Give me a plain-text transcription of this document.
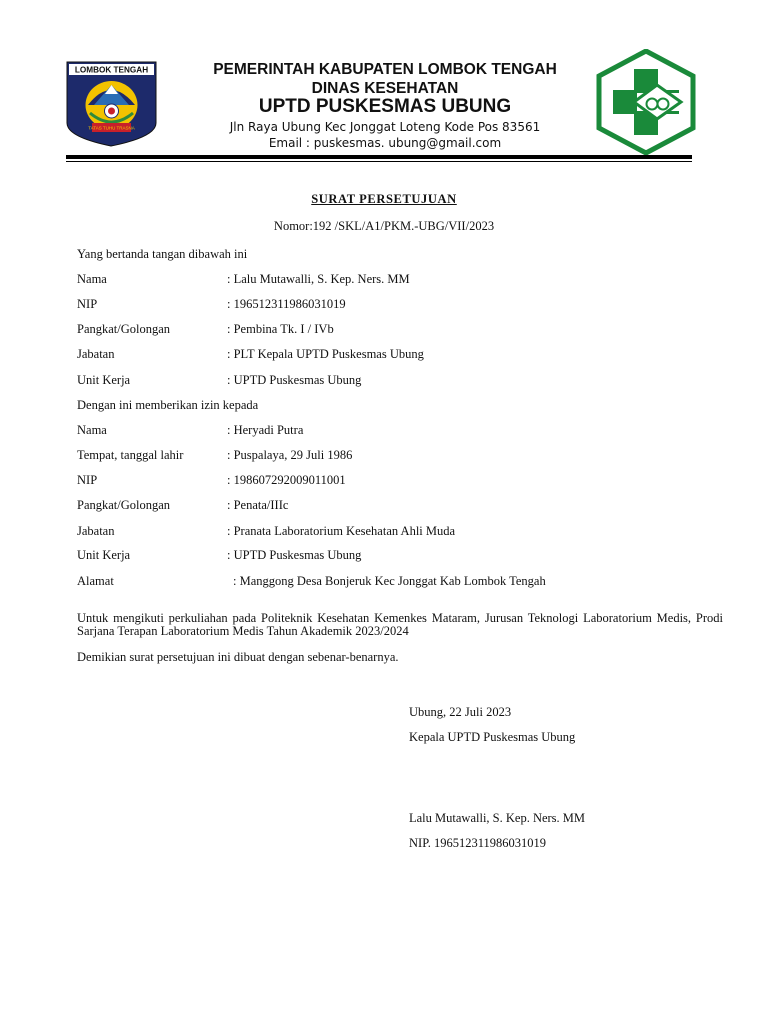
LOMBOK TENGAH
TATAS TUHU TRASNA
PEMERINTAH KABUPATEN LOMBOK TENGAH
DINAS KESEHATAN
UPTD PUSKESMAS UBUNG
Jln Raya Ubung Kec Jonggat Loteng Kode Pos 83561
Email : puskesmas. ubung@gmail.com
SURAT PERSETUJUAN
Nomor:192 /SKL/A1/PKM.-UBG/VII/2023
Yang bertanda tangan dibawah ini
Nama	: Lalu Mutawalli, S. Kep. Ners. MM
NIP	: 196512311986031019
Pangkat/Golongan	: Pembina Tk. I / IVb
Jabatan	: PLT Kepala UPTD Puskesmas Ubung
Unit Kerja	: UPTD Puskesmas Ubung
Dengan ini memberikan izin kepada
Nama	: Heryadi Putra
Tempat, tanggal lahir	: Puspalaya, 29 Juli 1986
NIP	: 198607292009011001
Pangkat/Golongan	: Penata/IIIc
Jabatan	: Pranata Laboratorium Kesehatan Ahli Muda
Unit Kerja	: UPTD Puskesmas Ubung
Alamat	: Manggong Desa Bonjeruk Kec Jonggat Kab Lombok Tengah
Untuk mengikuti perkuliahan pada Politeknik Kesehatan Kemenkes Mataram, Jurusan Teknologi Laboratorium Medis, Prodi Sarjana Terapan Laboratorium Medis Tahun Akademik 2023/2024
Demikian surat persetujuan ini dibuat dengan sebenar-benarnya.
Ubung, 22 Juli 2023
Kepala UPTD Puskesmas Ubung
Lalu Mutawalli, S. Kep. Ners. MM
NIP. 196512311986031019
